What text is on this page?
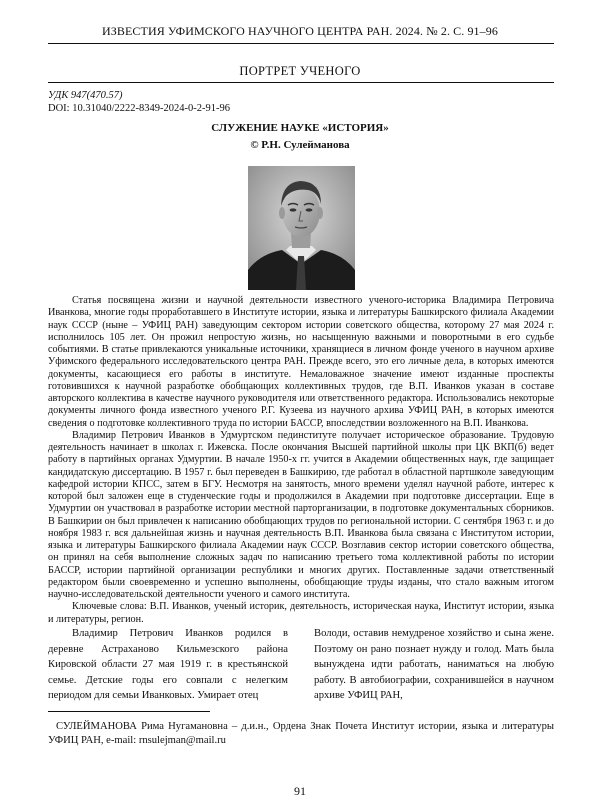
ИЗВЕСТИЯ УФИМСКОГО НАУЧНОГО ЦЕНТРА РАН. 2024. № 2. С. 91–96
ПОРТРЕТ УЧЕНОГО
УДК 947(470.57)
DOI: 10.31040/2222-8349-2024-0-2-91-96
СЛУЖЕНИЕ НАУКЕ «ИСТОРИЯ»
© Р.Н. Сулейманова

Статья посвящена жизни и научной деятельности известного ученого-историка Владимира Петровича Иванкова, многие годы проработавшего в Институте истории, языка и литературы Башкирского филиала Академии наук СССР (ныне – УФИЦ РАН) заведующим сектором истории советского общества, которому 27 мая 2024 г. исполнилось 105 лет. Он прожил непростую жизнь, но насыщенную важными и поворотными в его судьбе событиями. В статье привлекаются уникальные источники, хранящиеся в личном фонде ученого в научном архиве Уфимского федерального исследовательского центра РАН. Прежде всего, это его личные дела, в которых имеются документы, касающиеся его работы в институте. Немаловажное значение имеют изданные проспекты готовившихся к научной разработке обобщающих коллективных трудов, где В.П. Иванков указан в составе авторского коллектива в качестве научного руководителя или ответственного редактора. Использовались некоторые документы личного фонда известного ученого Р.Г. Кузеева из научного архива УФИЦ РАН, в которых имеются сведения о подготовке коллективного труда по истории БАССР, впоследствии возложенного на В.П. Иванкова.

Владимир Петрович Иванков в Удмуртском пединституте получает историческое образование. Трудовую деятельность начинает в школах г. Ижевска. После окончания Высшей партийной школы при ЦК ВКП(б) ведет работу в партийных органах Удмуртии. В начале 1950-х гг. учится в Академии общественных наук, где защищает кандидатскую диссертацию. В 1957 г. был переведен в Башкирию, где работал в областной партшколе заведующим кафедрой истории КПСС, затем в БГУ. Несмотря на занятость, много времени уделял научной работе, интерес к которой был заложен еще в студенческие годы и продолжился в Академии при подготовке диссертации. Еще в Удмуртии он участвовал в разработке истории местной парторганизации, в подготовке документальных сборников. В Башкирии он был привлечен к написанию обобщающих трудов по региональной истории. С сентября 1963 г. и до ноября 1983 г. вся дальнейшая жизнь и научная деятельность В.П. Иванкова была связана с Институтом истории, языка и литературы Башкирского филиала Академии наук СССР. Возглавив сектор истории советского общества, он принял на себя выполнение сложных задач по написанию третьего тома коллективной работы по истории БАССР, истории партийной организации республики и многих других. Поставленные задачи ответственный редактором были своевременно и успешно выполнены, обобщающие труды изданы, что стало важным итогом научно-исследовательской деятельности ученого и самого института.

Ключевые слова: В.П. Иванков, ученый историк, деятельность, историческая наука, Институт истории, языка и литературы, регион.

Владимир Петрович Иванков родился в деревне Астраханово Кильмезского района Кировской области 27 мая 1919 г. в крестьянской семье. Детские годы его совпали с нелегким периодом для семьи Иванковых. Умирает отец

Володи, оставив немудреное хозяйство и сына жене. Поэтому он рано познает нужду и голод. Мать была вынуждена идти работать, наниматься на любую работу. В автобиографии, сохранившейся в научном архиве УФИЦ РАН,

СУЛЕЙМАНОВА Рима Нугамановна – д.и.н., Ордена Знак Почета Институт истории, языка и литературы УФИЦ РАН, e-mail: rnsulejman@mail.ru

91
